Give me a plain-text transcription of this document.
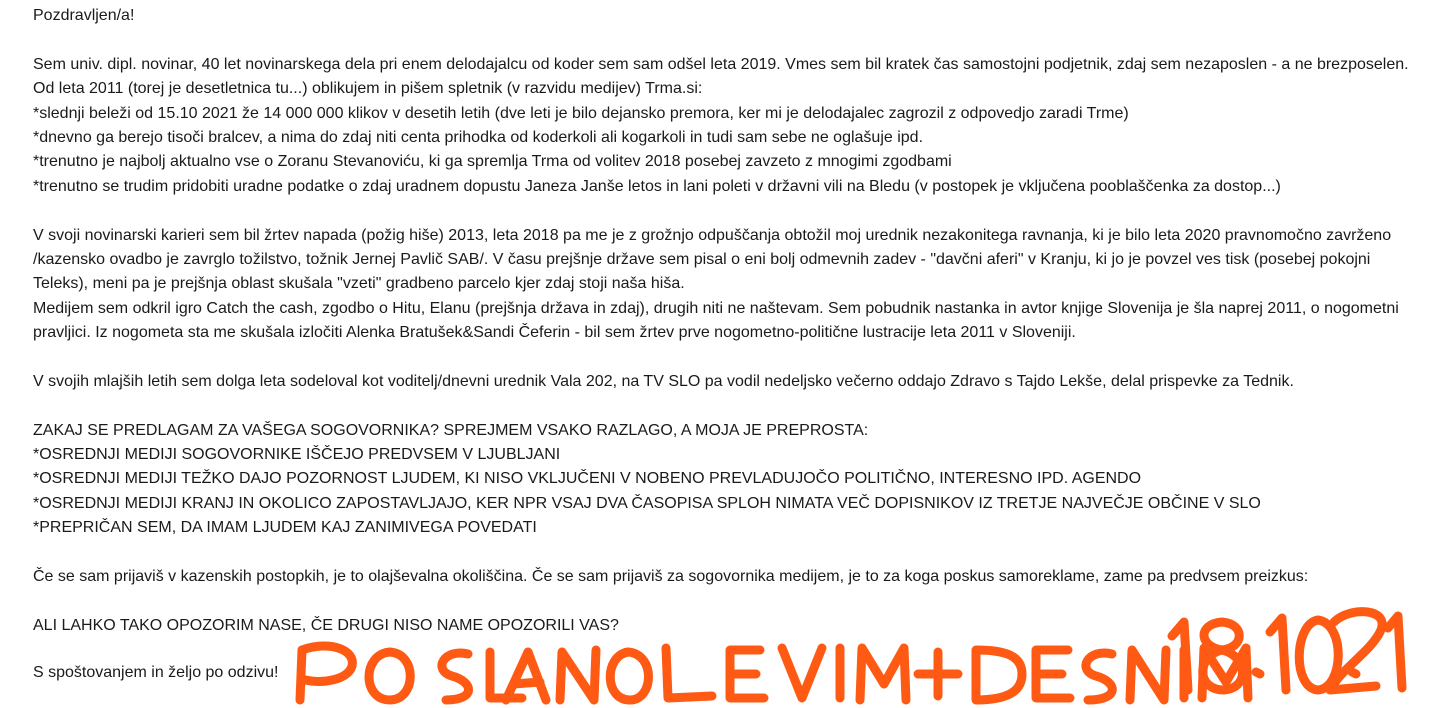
Pozdravljen/a!
Sem univ. dipl. novinar, 40 let novinarskega dela pri enem delodajalcu od koder sem sam odšel leta 2019. Vmes sem bil kratek čas samostojni podjetnik, zdaj sem nezaposlen - a ne brezposelen.
Od leta 2011 (torej je desetletnica tu...) oblikujem in pišem spletnik (v razvidu medijev) Trma.si:
*slednji beleži od 15.10 2021 že 14 000 000 klikov v desetih letih (dve leti je bilo dejansko premora, ker mi je delodajalec zagrozil z odpovedjo zaradi Trme)
*dnevno ga berejo tisoči bralcev, a nima do zdaj niti centa prihodka od koderkoli ali kogarkoli in tudi sam sebe ne oglašuje ipd.
*trenutno je najbolj aktualno vse o Zoranu Stevanoviću, ki ga spremlja Trma od volitev 2018 posebej zavzeto z mnogimi zgodbami
*trenutno se trudim pridobiti uradne podatke o zdaj uradnem dopustu Janeza Janše letos in lani poleti v državni vili na Bledu (v postopek je vključena pooblaščenka za dostop...)
V svoji novinarski karieri sem bil žrtev napada (požig hiše) 2013, leta 2018 pa me je z grožnjo odpuščanja obtožil moj urednik nezakonitega ravnanja, ki je bilo leta 2020 pravnomočno zavrženo
/kazensko ovadbo je zavrglo tožilstvo, tožnik Jernej Pavlič SAB/. V času prejšnje države sem pisal o eni bolj odmevnih zadev - "davčni aferi" v Kranju, ki jo je povzel ves tisk (posebej pokojni
Teleks), meni pa je prejšnja oblast skušala "vzeti" gradbeno parcelo kjer zdaj stoji naša hiša.
Medijem sem odkril igro Catch the cash, zgodbo o Hitu, Elanu (prejšnja država in zdaj), drugih niti ne naštevam. Sem pobudnik nastanka in avtor knjige Slovenija je šla naprej 2011, o nogometni
pravljici. Iz nogometa sta me skušala izločiti Alenka Bratušek&Sandi Čeferin - bil sem žrtev prve nogometno-politične lustracije leta 2011 v Sloveniji.
V svojih mlajših letih sem dolga leta sodeloval kot voditelj/dnevni urednik Vala 202, na TV SLO pa vodil nedeljsko večerno oddajo Zdravo s Tajdo Lekše, delal prispevke za Tednik.
ZAKAJ SE PREDLAGAM ZA VAŠEGA SOGOVORNIKA? SPREJMEM VSAKO RAZLAGO, A MOJA JE PREPROSTA:
*OSREDNJI MEDIJI SOGOVORNIKE IŠČEJO PREDVSEM V LJUBLJANI
*OSREDNJI MEDIJI TEŽKO DAJO POZORNOST LJUDEM, KI NISO VKLJUČENI V NOBENO PREVLADUJOČO POLITIČNO, INTERESNO IPD. AGENDO
*OSREDNJI MEDIJI KRANJ IN OKOLICO ZAPOSTAVLJAJO, KER NPR VSAJ DVA ČASOPISA SPLOH NIMATA VEČ DOPISNIKOV IZ TRETJE NAJVEČJE OBČINE V SLO
*PREPRIČAN SEM, DA IMAM LJUDEM KAJ ZANIMIVEGA POVEDATI
Če se sam prijaviš v kazenskih postopkih, je to olajševalna okoliščina. Če se sam prijaviš za sogovornika medijem, je to za koga poskus samoreklame, zame pa predvsem preizkus:
ALI LAHKO TAKO OPOZORIM NASE, ČE DRUGI NISO NAME OPOZORILI VAS?
S spoštovanjem in željo po odzivu!
